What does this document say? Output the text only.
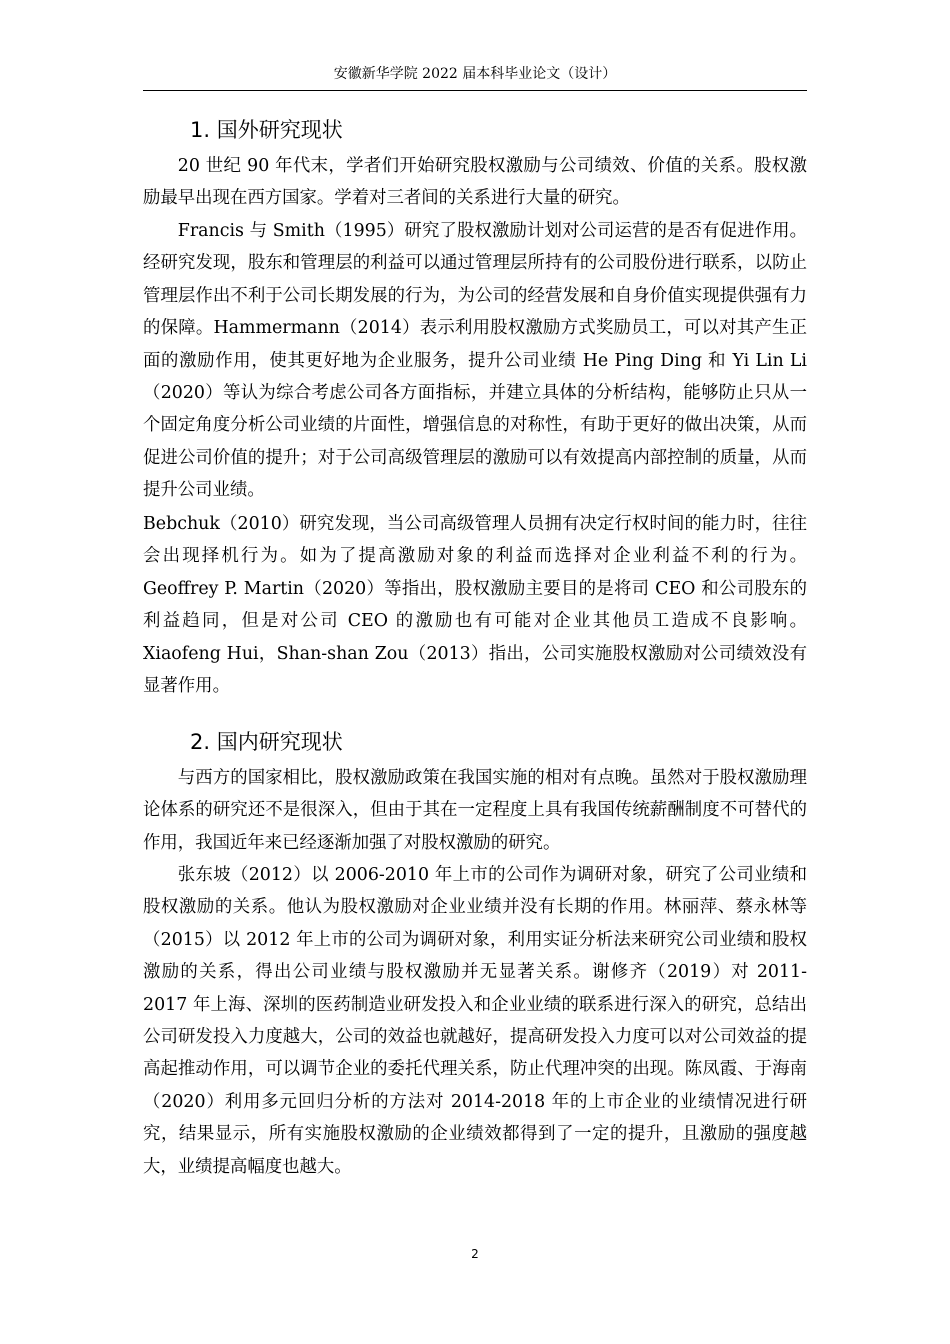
安徽新华学院 2022 届本科毕业论文（设计）
1. 国外研究现状

20 世纪 90 年代末，学者们开始研究股权激励与公司绩效、价值的关系。股权激励最早出现在西方国家。学着对三者间的关系进行大量的研究。

Francis 与 Smith（1995）研究了股权激励计划对公司运营的是否有促进作用。经研究发现，股东和管理层的利益可以通过管理层所持有的公司股份进行联系，以防止管理层作出不利于公司长期发展的行为，为公司的经营发展和自身价值实现提供强有力的保障。Hammermann（2014）表示利用股权激励方式奖励员工，可以对其产生正面的激励作用，使其更好地为企业服务，提升公司业绩 He Ping Ding 和 Yi Lin Li（2020）等认为综合考虑公司各方面指标，并建立具体的分析结构，能够防止只从一个固定角度分析公司业绩的片面性，增强信息的对称性，有助于更好的做出决策，从而促进公司价值的提升；对于公司高级管理层的激励可以有效提高内部控制的质量，从而提升公司业绩。

Bebchuk（2010）研究发现，当公司高级管理人员拥有决定行权时间的能力时，往往会出现择机行为。如为了提高激励对象的利益而选择对企业利益不利的行为。Geoffrey P. Martin（2020）等指出，股权激励主要目的是将司 CEO 和公司股东的利益趋同，但是对公司 CEO 的激励也有可能对企业其他员工造成不良影响。Xiaofeng Hui，Shan-shan Zou（2013）指出，公司实施股权激励对公司绩效没有显著作用。

2. 国内研究现状

与西方的国家相比，股权激励政策在我国实施的相对有点晚。虽然对于股权激励理论体系的研究还不是很深入，但由于其在一定程度上具有我国传统薪酬制度不可替代的作用，我国近年来已经逐渐加强了对股权激励的研究。

张东坡（2012）以 2006-2010 年上市的公司作为调研对象，研究了公司业绩和股权激励的关系。他认为股权激励对企业业绩并没有长期的作用。林丽萍、蔡永林等（2015）以 2012 年上市的公司为调研对象，利用实证分析法来研究公司业绩和股权激励的关系，得出公司业绩与股权激励并无显著关系。谢修齐（2019）对 2011-2017 年上海、深圳的医药制造业研发投入和企业业绩的联系进行深入的研究，总结出公司研发投入力度越大，公司的效益也就越好，提高研发投入力度可以对公司效益的提高起推动作用，可以调节企业的委托代理关系，防止代理冲突的出现。陈凤霞、于海南（2020）利用多元回归分析的方法对 2014-2018 年的上市企业的业绩情况进行研究，结果显示，所有实施股权激励的企业绩效都得到了一定的提升，且激励的强度越大，业绩提高幅度也越大。

2
